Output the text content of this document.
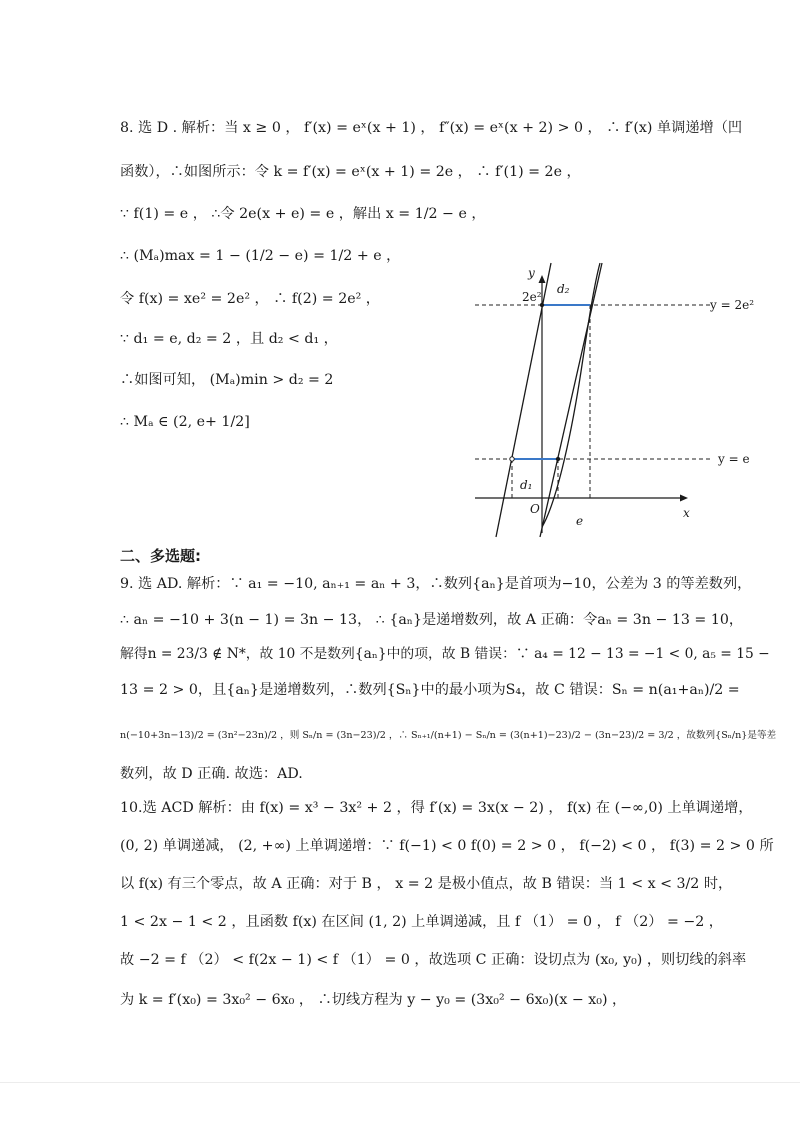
8. 选 D . 解析：当 x ≥ 0 ， f′(x) = eˣ(x + 1) ， f″(x) = eˣ(x + 2) > 0 ， ∴ f′(x) 单调递增（凹
函数），∴如图所示：令 k = f′(x) = eˣ(x + 1) = 2e ， ∴ f′(1) = 2e ，
∵ f(1) = e ， ∴令 2e(x + e) = e ，解出 x = 1/2 − e ，
∴ (Mₐ)max = 1 − (1/2 − e) = 1/2 + e ，
令 f(x) = xe² = 2e² ， ∴ f(2) = 2e² ，
∵ d₁ = e, d₂ = 2 ，且 d₂ < d₁ ，
∴如图可知， (Mₐ)min > d₂ = 2
∴ Mₐ ∈ (2, e+ 1/2]
y
x
O
2e²
d₂
d₁
e
y = 2e²
y = e
二、多选题:
9. 选 AD. 解析：∵ a₁ = −10, aₙ₊₁ = aₙ + 3，∴数列{aₙ}是首项为−10，公差为 3 的等差数列，
∴ aₙ = −10 + 3(n − 1) = 3n − 13， ∴ {aₙ}是递增数列，故 A 正确：令aₙ = 3n − 13 = 10，
解得n = 23/3 ∉ N*，故 10 不是数列{aₙ}中的项，故 B 错误：∵ a₄ = 12 − 13 = −1 < 0, a₅ = 15 −
13 = 2 > 0，且{aₙ}是递增数列，∴数列{Sₙ}中的最小项为S₄，故 C 错误：Sₙ = n(a₁+aₙ)/2 =
n(−10+3n−13)/2 = (3n²−23n)/2 ，则 Sₙ/n = (3n−23)/2 ，∴ Sₙ₊₁/(n+1) − Sₙ/n = (3(n+1)−23)/2 − (3n−23)/2 = 3/2 ，故数列{Sₙ/n}是等差
数列，故 D 正确. 故选：AD.
10.选 ACD 解析：由 f(x) = x³ − 3x² + 2 ，得 f′(x) = 3x(x − 2) ， f(x) 在 (−∞,0) 上单调递增，
(0, 2) 单调递减， (2, +∞) 上单调递增：∵ f(−1) < 0 f(0) = 2 > 0 ， f(−2) < 0 ， f(3) = 2 > 0 所
以 f(x) 有三个零点，故 A 正确：对于 B ， x = 2 是极小值点，故 B 错误：当 1 < x < 3/2 时，
1 < 2x − 1 < 2 ，且函数 f(x) 在区间 (1, 2) 上单调递减，且 f （1） = 0 ， f （2） = −2 ，
故 −2 = f （2） < f(2x − 1) < f （1） = 0 ，故选项 C 正确：设切点为 (x₀, y₀) ，则切线的斜率
为 k = f′(x₀) = 3x₀² − 6x₀ ， ∴切线方程为 y − y₀ = (3x₀² − 6x₀)(x − x₀) ，
